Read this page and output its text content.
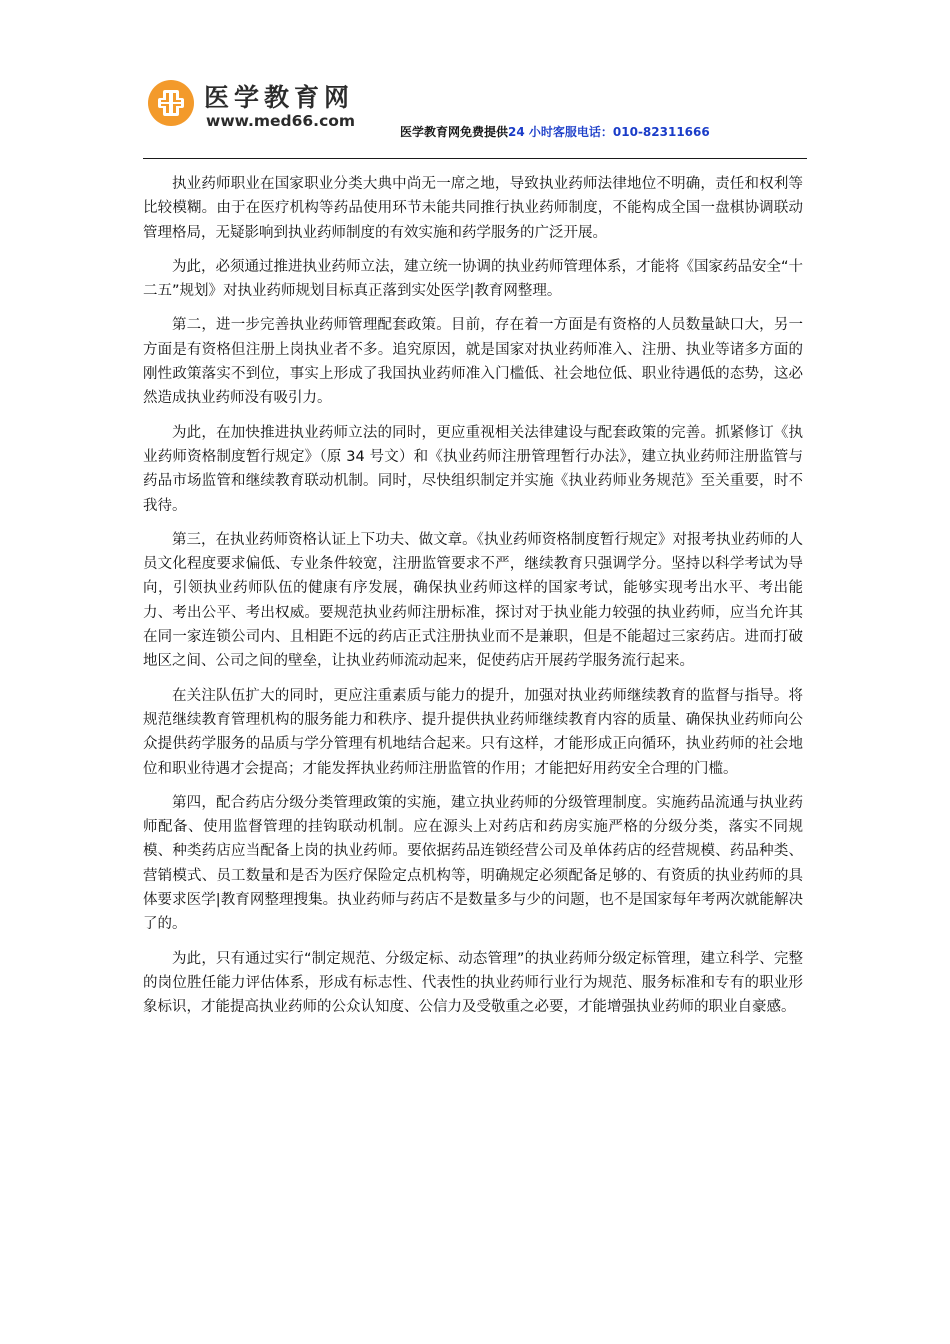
医学教育网
www.med66.com
医学教育网免费提供24 小时客服电话：010-82311666

执业药师职业在国家职业分类大典中尚无一席之地，导致执业药师法律地位不明确，责任和权利等比较模糊。由于在医疗机构等药品使用环节未能共同推行执业药师制度，不能构成全国一盘棋协调联动管理格局，无疑影响到执业药师制度的有效实施和药学服务的广泛开展。

为此，必须通过推进执业药师立法，建立统一协调的执业药师管理体系，才能将《国家药品安全“十二五”规划》对执业药师规划目标真正落到实处医学|教育网整理。

第二，进一步完善执业药师管理配套政策。目前，存在着一方面是有资格的人员数量缺口大，另一方面是有资格但注册上岗执业者不多。追究原因，就是国家对执业药师准入、注册、执业等诸多方面的刚性政策落实不到位，事实上形成了我国执业药师准入门槛低、社会地位低、职业待遇低的态势，这必然造成执业药师没有吸引力。

为此，在加快推进执业药师立法的同时，更应重视相关法律建设与配套政策的完善。抓紧修订《执业药师资格制度暂行规定》（原 34 号文）和《执业药师注册管理暂行办法》，建立执业药师注册监管与药品市场监管和继续教育联动机制。同时，尽快组织制定并实施《执业药师业务规范》至关重要，时不我待。

第三，在执业药师资格认证上下功夫、做文章。《执业药师资格制度暂行规定》对报考执业药师的人员文化程度要求偏低、专业条件较宽，注册监管要求不严，继续教育只强调学分。坚持以科学考试为导向，引领执业药师队伍的健康有序发展，确保执业药师这样的国家考试，能够实现考出水平、考出能力、考出公平、考出权威。要规范执业药师注册标准，探讨对于执业能力较强的执业药师，应当允许其在同一家连锁公司内、且相距不远的药店正式注册执业而不是兼职，但是不能超过三家药店。进而打破地区之间、公司之间的壁垒，让执业药师流动起来，促使药店开展药学服务流行起来。

在关注队伍扩大的同时，更应注重素质与能力的提升，加强对执业药师继续教育的监督与指导。将规范继续教育管理机构的服务能力和秩序、提升提供执业药师继续教育内容的质量、确保执业药师向公众提供药学服务的品质与学分管理有机地结合起来。只有这样，才能形成正向循环，执业药师的社会地位和职业待遇才会提高；才能发挥执业药师注册监管的作用；才能把好用药安全合理的门槛。

第四，配合药店分级分类管理政策的实施，建立执业药师的分级管理制度。实施药品流通与执业药师配备、使用监督管理的挂钩联动机制。应在源头上对药店和药房实施严格的分级分类，落实不同规模、种类药店应当配备上岗的执业药师。要依据药品连锁经营公司及单体药店的经营规模、药品种类、营销模式、员工数量和是否为医疗保险定点机构等，明确规定必须配备足够的、有资质的执业药师的具体要求医学|教育网整理搜集。执业药师与药店不是数量多与少的问题，也不是国家每年考两次就能解决了的。

为此，只有通过实行“制定规范、分级定标、动态管理”的执业药师分级定标管理，建立科学、完整的岗位胜任能力评估体系，形成有标志性、代表性的执业药师行业行为规范、服务标准和专有的职业形象标识，才能提高执业药师的公众认知度、公信力及受敬重之必要，才能增强执业药师的职业自豪感。
